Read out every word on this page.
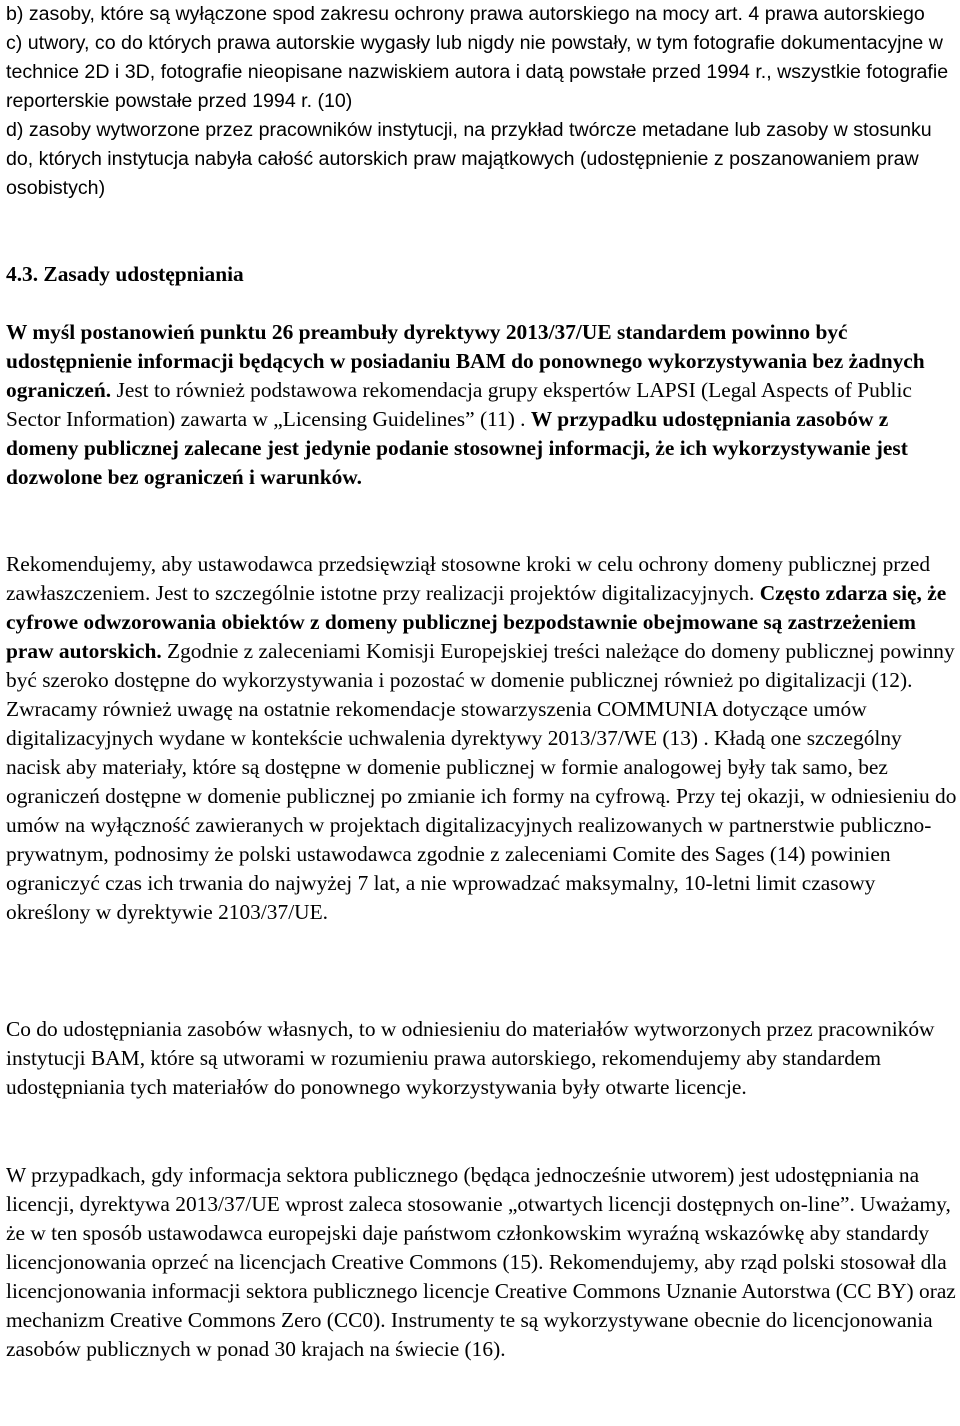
b) zasoby, które są wyłączone spod zakresu ochrony prawa autorskiego na mocy art. 4 prawa autorskiego

c) utwory, co do których prawa autorskie wygasły lub nigdy nie powstały, w tym fotografie dokumentacyjne w technice 2D i 3D, fotografie nieopisane nazwiskiem autora i datą powstałe przed 1994 r., wszystkie fotografie reporterskie powstałe przed 1994 r. (10)

d) zasoby wytworzone przez pracowników instytucji, na przykład twórcze metadane lub zasoby w stosunku do, których instytucja nabyła całość autorskich praw majątkowych (udostępnienie z poszanowaniem praw osobistych)

4.3. Zasady udostępniania

W myśl postanowień punktu 26 preambuły dyrektywy 2013/37/UE standardem powinno być udostępnienie informacji będących w posiadaniu BAM do ponownego wykorzystywania bez żadnych ograniczeń. Jest to również podstawowa rekomendacja grupy ekspertów LAPSI (Legal Aspects of Public Sector Information) zawarta w „Licensing Guidelines” (11) . W przypadku udostępniania zasobów z domeny publicznej zalecane jest jedynie podanie stosownej informacji, że ich wykorzystywanie jest dozwolone bez ograniczeń i warunków.

Rekomendujemy, aby ustawodawca przedsięwziął stosowne kroki w celu ochrony domeny publicznej przed zawłaszczeniem. Jest to szczególnie istotne przy realizacji projektów digitalizacyjnych. Często zdarza się, że cyfrowe odwzorowania obiektów z domeny publicznej bezpodstawnie obejmowane są zastrzeżeniem praw autorskich. Zgodnie z zaleceniami Komisji Europejskiej treści należące do domeny publicznej powinny być szeroko dostępne do wykorzystywania i pozostać w domenie publicznej również po digitalizacji (12). Zwracamy również uwagę na ostatnie rekomendacje stowarzyszenia COMMUNIA dotyczące umów digitalizacyjnych wydane w kontekście uchwalenia dyrektywy 2013/37/WE (13) . Kładą one szczególny nacisk aby materiały, które są dostępne w domenie publicznej w formie analogowej były tak samo, bez ograniczeń dostępne w domenie publicznej po zmianie ich formy na cyfrową. Przy tej okazji, w odniesieniu do umów na wyłączność zawieranych w projektach digitalizacyjnych realizowanych w partnerstwie publiczno-prywatnym, podnosimy że polski ustawodawca zgodnie z zaleceniami Comite des Sages (14) powinien ograniczyć czas ich trwania do najwyżej 7 lat, a nie wprowadzać maksymalny, 10-letni limit czasowy określony w dyrektywie 2103/37/UE.

Co do udostępniania zasobów własnych, to w odniesieniu do materiałów wytworzonych przez pracowników instytucji BAM, które są utworami w rozumieniu prawa autorskiego, rekomendujemy aby standardem udostępniania tych materiałów do ponownego wykorzystywania były otwarte licencje.

W przypadkach, gdy informacja sektora publicznego (będąca jednocześnie utworem) jest udostępniania na licencji, dyrektywa 2013/37/UE wprost zaleca stosowanie „otwartych licencji dostępnych on-line”. Uważamy, że w ten sposób ustawodawca europejski daje państwom członkowskim wyraźną wskazówkę aby standardy licencjonowania oprzeć na licencjach Creative Commons (15). Rekomendujemy, aby rząd polski stosował dla licencjonowania informacji sektora publicznego licencje Creative Commons Uznanie Autorstwa (CC BY) oraz mechanizm Creative Commons Zero (CC0). Instrumenty te są wykorzystywane obecnie do licencjonowania zasobów publicznych w ponad 30 krajach na świecie (16).
